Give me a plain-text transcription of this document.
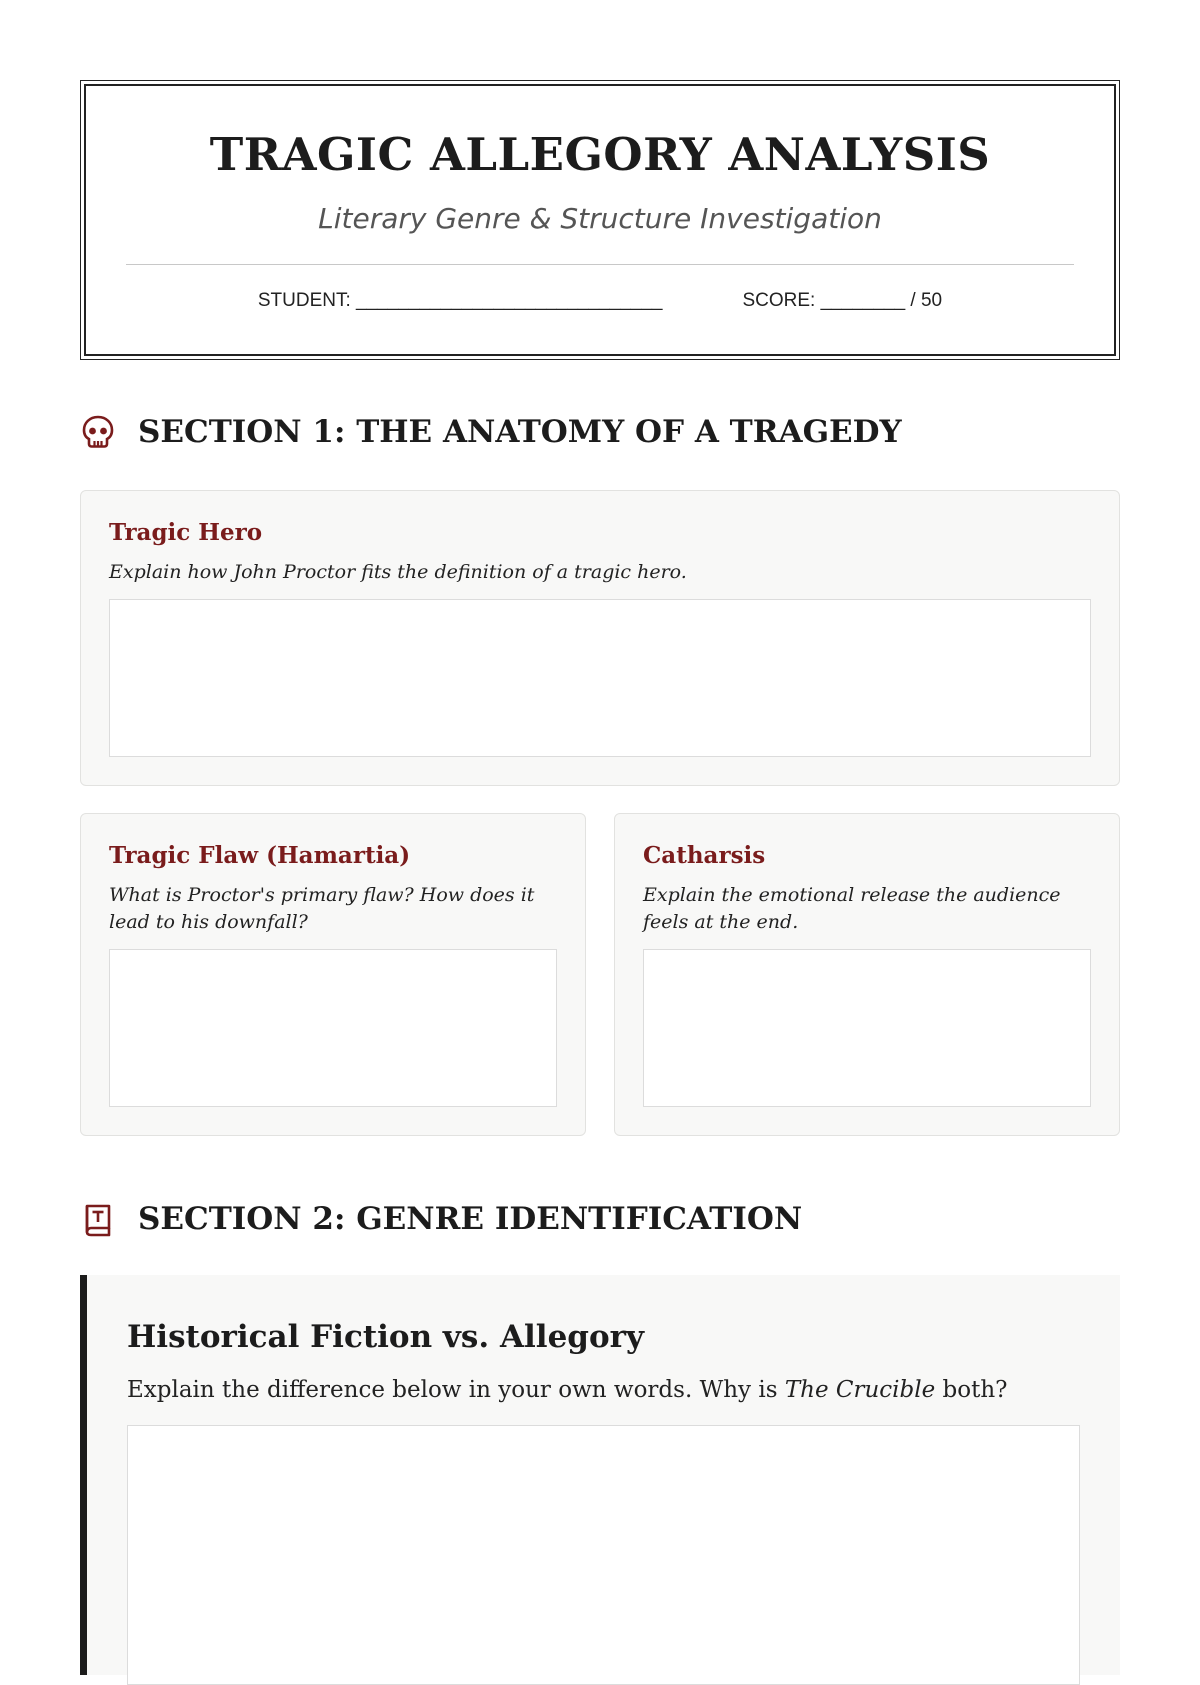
TRAGIC ALLEGORY ANALYSIS
Literary Genre & Structure Investigation
STUDENT: _____________________________	SCORE: ________ / 50
SECTION 1: THE ANATOMY OF A TRAGEDY
Tragic Hero
Explain how John Proctor fits the definition of a tragic hero.
Tragic Flaw (Hamartia)
What is Proctor's primary flaw? How does it lead to his downfall?
Catharsis
Explain the emotional release the audience feels at the end.
SECTION 2: GENRE IDENTIFICATION
Historical Fiction vs. Allegory
Explain the difference below in your own words. Why is The Crucible both?
